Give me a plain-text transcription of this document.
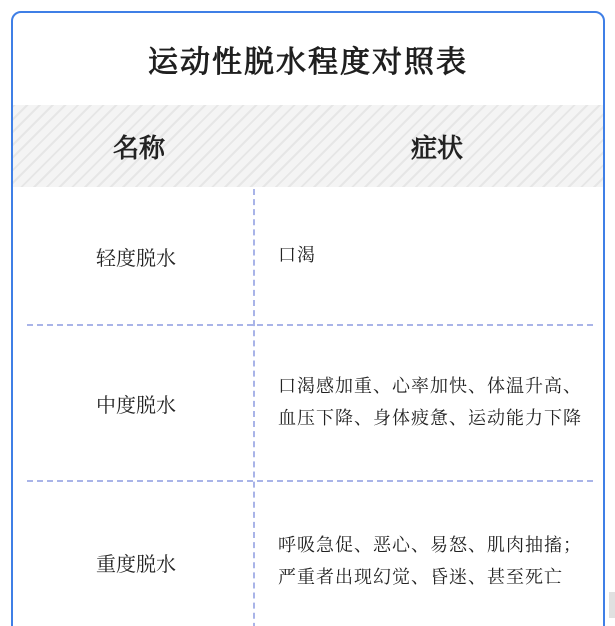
运动性脱水程度对照表
名称	症状
轻度脱水	口渴
中度脱水
口渴感加重、心率加快、体温升高、血压下降、身体疲惫、运动能力下降
重度脱水
呼吸急促、恶心、易怒、肌肉抽搐；严重者出现幻觉、昏迷、甚至死亡
